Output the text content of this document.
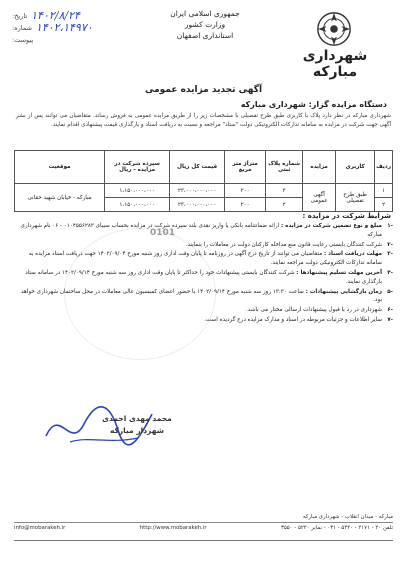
شهرداری مبارکه
جمهوری اسلامی ایران
وزارت کشور
استانداری اصفهان
۱۴۰۲/۸/۲۴
تاریخ:
۱۴۰۲،۱۴۹۷۰
شماره:
پیوست:
آگهی تجدید مزایده عمومی
دستگاه مزایده گزار: شهرداری مبارکه
شهرداری مبارکه در نظر دارد پلاک یا کاربری طبق طرح تفصیلی با مشخصات زیر را از طریق مزایده عمومی به فروش رساند. متقاضیان می توانند پس از نشر آگهی جهت شرکت در مزایده به سامانه تدارکات الکترونیکی دولت "ستاد" مراجعه و نسبت به دریافت اسناد و بارگذاری قیمت پیشنهادی اقدام نمایند.
ردیف	کاربری	مزایده	شماره پلاک ثبتی	متراژ متر مربع	قیمت کل ریال	سپرده شرکت در مزایده - ریال	موقعیت
۱	طبق طرح تفصیلی	آگهی عمومی	۲	۲۰۰	۲۳،۰۰۰،۰۰۰،۰۰۰	۱،۱۵۰،۰۰۰،۰۰۰	مبارکه - خیابان شهید حقانی
۲			۲	۲۰۰	۲۳،۰۰۰،۰۰۰،۰۰۰	۱،۱۵۰،۰۰۰،۰۰۰	
0101
شرایط شرکت در مزایده :
-۱
مبلغ و نوع تضمین شرکت در مزایده : ارائه ضمانتنامه بانکی یا واریز نقدی بلند سپرده شرکت در مزایده بحساب سیبای ۰۱۰۴۵۵۶۲۸۳ - ۰۶ نام شهرداری مبارکه
-۲
شرکت کنندگان بایستی رعایت قانون منع مداخله کارکنان دولت در معاملات را بنمایند.
-۳
مهلت دریافت اسناد : متقاضیان می توانند از تاریخ درج آگهی در روزنامه تا پایان وقت اداری روز شنبه مورخ ۱۴۰۲/۰۹/۰۴ جهت دریافت اسناد مزایده به سامانه تدارکات الکترونیکی دولت مراجعه نمایند.
-۴
آخرین مهلت تسلیم پیشنهادها : شرکت کنندگان بایستی پیشنهادات خود را حداکثر تا پایان وقت اداری روز سه شنبه مورخ ۱۴۰۲/۰۹/۱۴ در سامانه ستاد بارگذاری نمایند.
-۵
زمان بازگشایی پیشنهادات : ساعت ۱۳:۳۰ روز سه شنبه مورخ ۱۴۰۲/۰۹/۱۴ با حضور اعضای کمیسیون عالی معاملات در محل ساختمان شهرداری خواهد بود.
-۶
شهرداری در رد یا قبول پیشنهادات ارسالی مختار می باشد.
-۷
سایر اطلاعات و جزئیات مربوطه در اسناد و مدارک مزایده درج گردیده است.
محمد مهدی احمدی
شهردار مبارکه
مبارکه - میدان انقلاب - شهرداری مبارکه
تلفن ۲۰ - ۲۱۷۱ - ۵۲۴۰ - ۰۳۱ - نمابر ۵۲۴۰ - ۳۵۵۰
http://www.mobarakeh.ir
info@mobarakeh.ir
